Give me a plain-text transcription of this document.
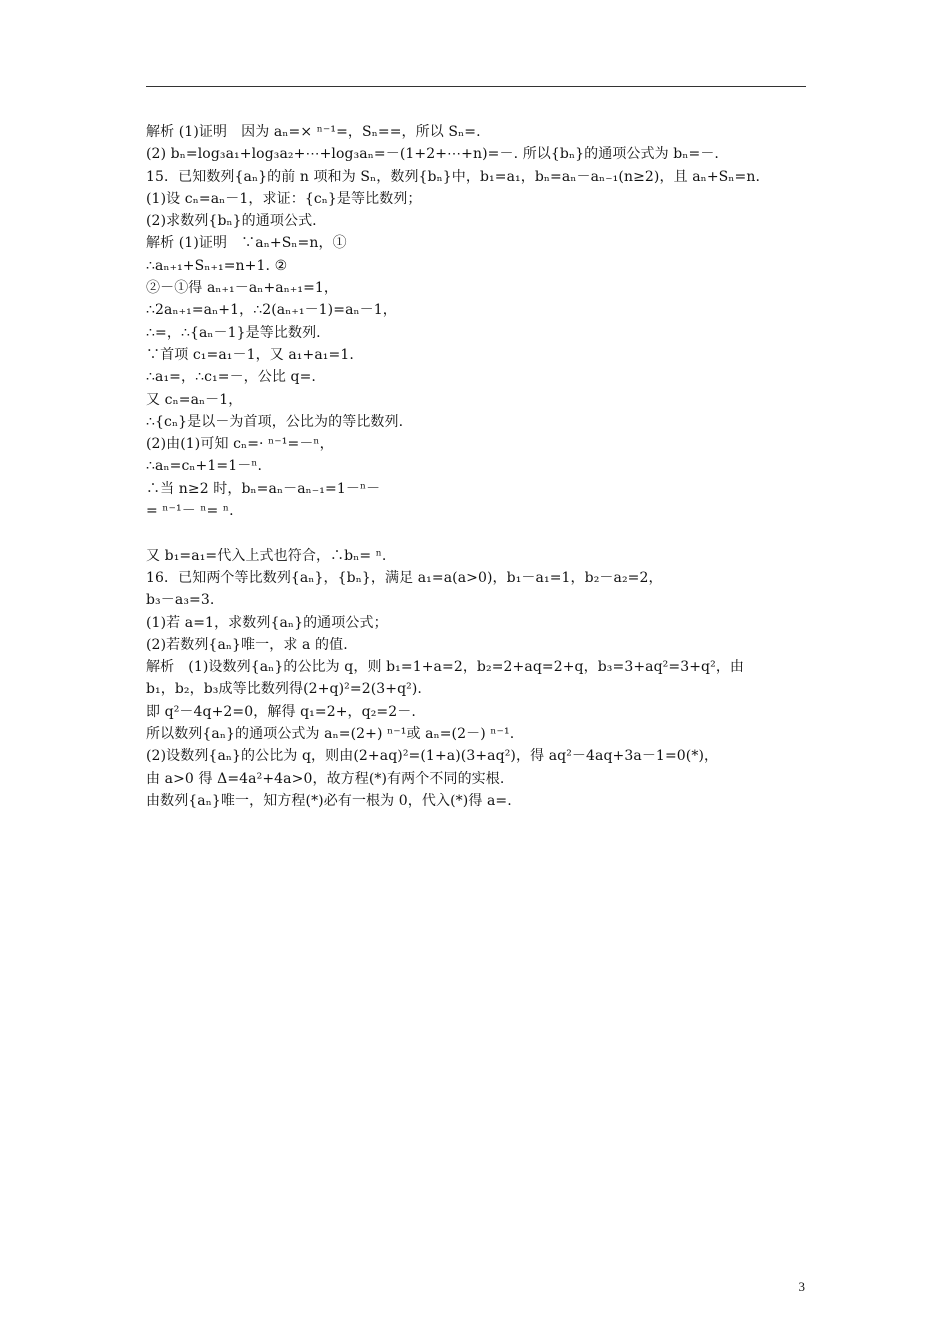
解析 (1)证明　因为 aₙ=× ⁿ⁻¹=，Sₙ==，所以 Sₙ=.
(2) bₙ=log₃a₁+log₃a₂+⋯+log₃aₙ=－(1+2+⋯+n)=－. 所以{bₙ}的通项公式为 bₙ=－.
15．已知数列{aₙ}的前 n 项和为 Sₙ，数列{bₙ}中，b₁=a₁，bₙ=aₙ－aₙ₋₁(n≥2)，且 aₙ+Sₙ=n.
(1)设 cₙ=aₙ－1，求证：{cₙ}是等比数列；
(2)求数列{bₙ}的通项公式.
解析 (1)证明　∵aₙ+Sₙ=n，①
∴aₙ₊₁+Sₙ₊₁=n+1. ②
②－①得 aₙ₊₁－aₙ+aₙ₊₁=1，
∴2aₙ₊₁=aₙ+1，∴2(aₙ₊₁－1)=aₙ－1，
∴=，∴{aₙ－1}是等比数列.
∵首项 c₁=a₁－1，又 a₁+a₁=1.
∴a₁=，∴c₁=－，公比 q=.
又 cₙ=aₙ－1，
∴{cₙ}是以－为首项，公比为的等比数列.
(2)由(1)可知 cₙ=· ⁿ⁻¹=－ⁿ，
∴aₙ=cₙ+1=1－ⁿ.
∴当 n≥2 时，bₙ=aₙ－aₙ₋₁=1－ⁿ－
= ⁿ⁻¹－ ⁿ= ⁿ.
又 b₁=a₁=代入上式也符合，∴bₙ= ⁿ.
16．已知两个等比数列{aₙ}，{bₙ}，满足 a₁=a(a>0)，b₁－a₁=1，b₂－a₂=2，
b₃－a₃=3.
(1)若 a=1，求数列{aₙ}的通项公式；
(2)若数列{aₙ}唯一，求 a 的值.
解析　(1)设数列{aₙ}的公比为 q，则 b₁=1+a=2，b₂=2+aq=2+q，b₃=3+aq²=3+q²，由
b₁，b₂，b₃成等比数列得(2+q)²=2(3+q²).
即 q²－4q+2=0，解得 q₁=2+，q₂=2－.
所以数列{aₙ}的通项公式为 aₙ=(2+) ⁿ⁻¹或 aₙ=(2－) ⁿ⁻¹.
(2)设数列{aₙ}的公比为 q，则由(2+aq)²=(1+a)(3+aq²)，得 aq²－4aq+3a－1=0(*)，
由 a>0 得 Δ=4a²+4a>0，故方程(*)有两个不同的实根.
由数列{aₙ}唯一，知方程(*)必有一根为 0，代入(*)得 a=.
3
